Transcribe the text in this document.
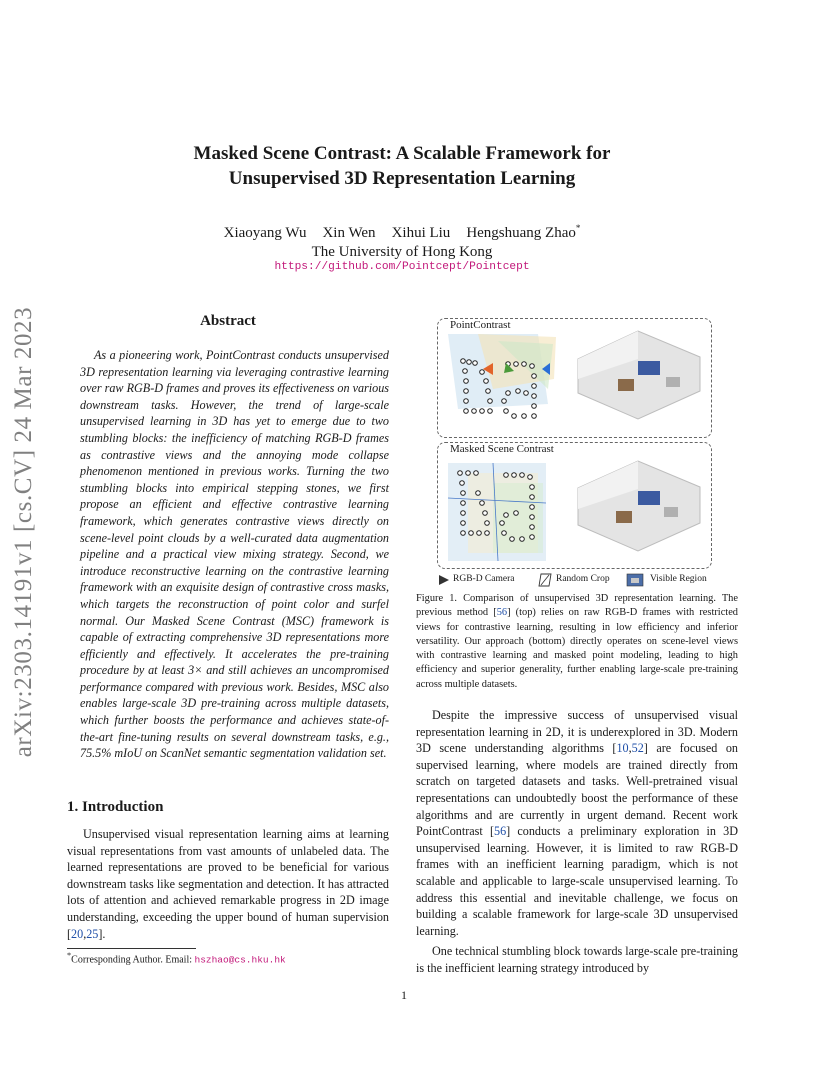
arXiv:2303.14191v1 [cs.CV] 24 Mar 2023
Masked Scene Contrast: A Scalable Framework for
Unsupervised 3D Representation Learning
Xiaoyang Wu Xin Wen Xihui Liu Hengshuang Zhao*
The University of Hong Kong
https://github.com/Pointcept/Pointcept
Abstract
As a pioneering work, PointContrast conducts unsupervised 3D representation learning via leveraging contrastive learning over raw RGB-D frames and proves its effectiveness on various downstream tasks. However, the trend of large-scale unsupervised learning in 3D has yet to emerge due to two stumbling blocks: the inefficiency of matching RGB-D frames as contrastive views and the annoying mode collapse phenomenon mentioned in previous works. Turning the two stumbling blocks into empirical stepping stones, we first propose an efficient and effective contrastive learning framework, which generates contrastive views directly on scene-level point clouds by a well-curated data augmentation pipeline and a practical view mixing strategy. Second, we introduce reconstructive learning on the contrastive learning framework with an exquisite design of contrastive cross masks, which targets the reconstruction of point color and surfel normal. Our Masked Scene Contrast (MSC) framework is capable of extracting comprehensive 3D representations more efficiently and effectively. It accelerates the pre-training procedure by at least 3× and still achieves an uncompromised performance compared with previous work. Besides, MSC also enables large-scale 3D pre-training across multiple datasets, which further boosts the performance and achieves state-of-the-art fine-tuning results on several downstream tasks, e.g., 75.5% mIoU on ScanNet semantic segmentation validation set.
1. Introduction

Unsupervised visual representation learning aims at learning visual representations from vast amounts of unlabeled data. The learned representations are proved to be beneficial for various downstream tasks like segmentation and detection. It has attracted lots of attention and achieved remarkable progress in 2D image understanding, exceeding the upper bound of human supervision [20,25].

*Corresponding Author. Email: hszhao@cs.hku.hk
PointContrast
Masked Scene Contrast
RGB-D Camera	Random Crop	Visible Region
Figure 1. Comparison of unsupervised 3D representation learning. The previous method [56] (top) relies on raw RGB-D frames with restricted views for contrastive learning, resulting in low efficiency and inferior versatility. Our approach (bottom) directly operates on scene-level views with contrastive learning and masked point modeling, leading to high efficiency and superior generality, further enabling large-scale pre-training across multiple datasets.

Despite the impressive success of unsupervised visual representation learning in 2D, it is underexplored in 3D. Modern 3D scene understanding algorithms [10,52] are focused on supervised learning, where models are trained directly from scratch on targeted datasets and tasks. Well-pretrained visual representations can undoubtedly boost the performance of these algorithms and are currently in urgent demand. Recent work PointContrast [56] conducts a preliminary exploration in 3D unsupervised learning. However, it is limited to raw RGB-D frames with an inefficient learning paradigm, which is not scalable and applicable to large-scale unsupervised learning. To address this essential and inevitable challenge, we focus on building a scalable framework for large-scale 3D unsupervised learning.

One technical stumbling block towards large-scale pre-training is the inefficient learning strategy introduced by

1
